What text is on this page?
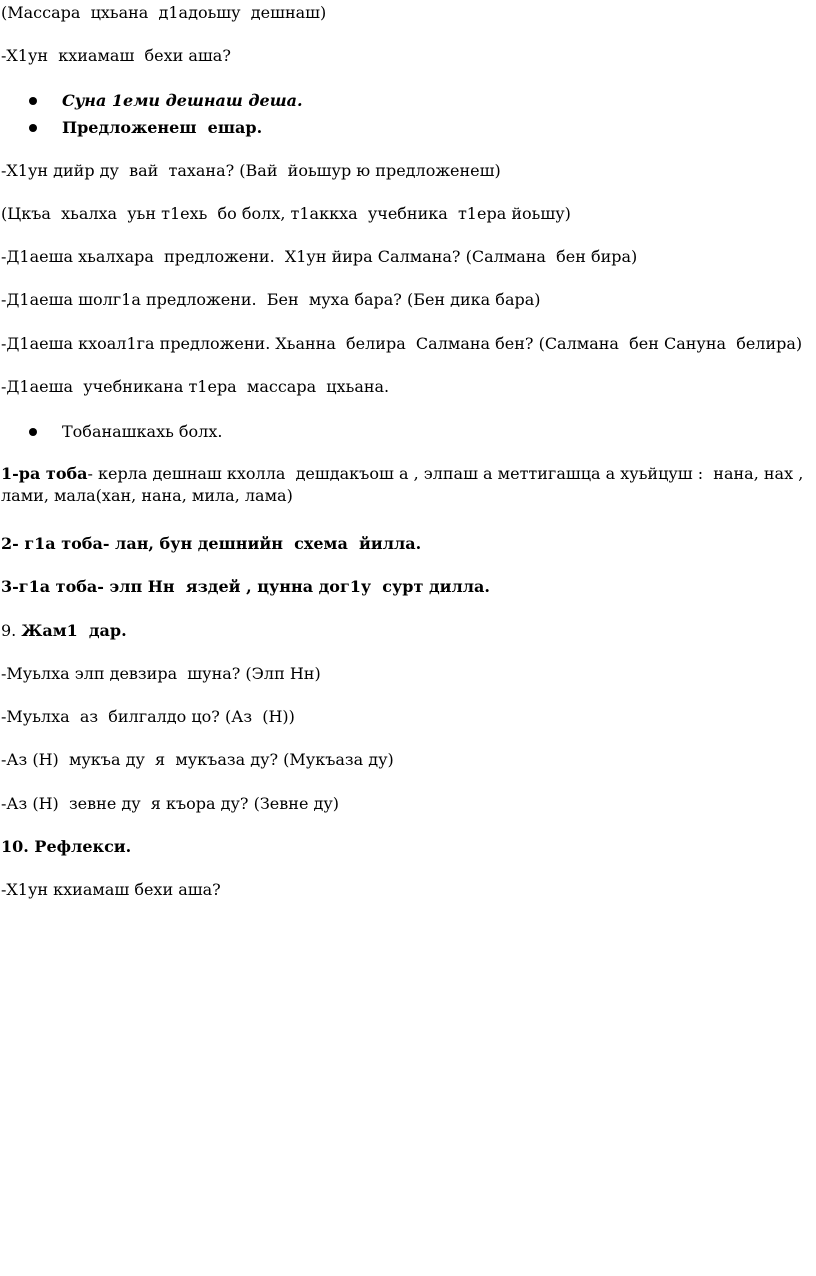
(Массара  цхьана  д1адоьшу  дешнаш)

-Х1ун  кхиамаш  бехи аша?

Суна 1еми дешнаш деша.
Предложенеш  ешар.

-Х1ун дийр ду  вай  тахана? (Вай  йоьшур ю предложенеш)

(Цкъа  хьалха  уьн т1ехь  бо болх, т1аккха  учебника  т1ера йоьшу)

-Д1аеша хьалхара  предложени.  Х1ун йира Салмана? (Салмана  бен бира)

-Д1аеша шолг1а предложени.  Бен  муха бара? (Бен дика бара)

-Д1аеша кхоал1га предложени. Хьанна  белира  Салмана бен? (Салмана  бен Сануна  белира)

-Д1аеша  учебникана т1ера  массара  цхьана.

Тобанашкахь болх.

1-ра тоба- керла дешнаш кхолла  дешдакъош а , элпаш а меттигашца а хуьйцуш :  нана, нах , лами, мала(хан, нана, мила, лама)

2- г1а тоба- лан, бун дешнийн  схема  йилла.

3-г1а тоба- элп Нн  яздей , цунна дог1у  сурт дилла.

9. Жам1  дар.

-Муьлха элп девзира  шуна? (Элп Нн)

-Муьлха  аз  билгалдо цо? (Аз  (Н))

-Аз (Н)  мукъа ду  я  мукъаза ду? (Мукъаза ду)

-Аз (Н)  зевне ду  я къора ду? (Зевне ду)

10. Рефлекси.

-Х1ун кхиамаш бехи аша?
